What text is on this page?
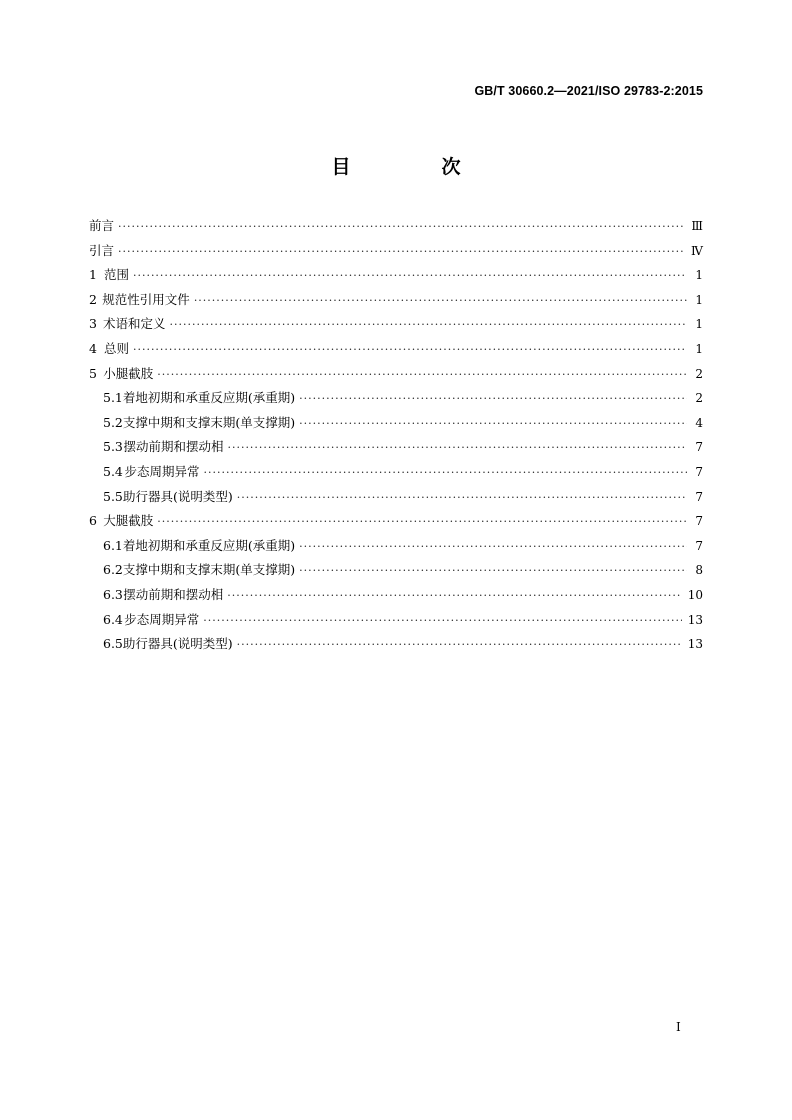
GB/T 30660.2—2021/ISO 29783-2:2015
目　次
前言 ·····	Ⅲ
引言 ·····	Ⅳ
1 范围 ·····	1
2 规范性引用文件 ·····	1
3 术语和定义 ·····	1
4 总则 ·····	1
5 小腿截肢 ·····	2
5.1 着地初期和承重反应期(承重期) ·····	2
5.2 支撑中期和支撑末期(单支撑期) ·····	4
5.3 摆动前期和摆动相 ·····	7
5.4 步态周期异常 ·····	7
5.5 助行器具(说明类型) ·····	7
6 大腿截肢 ·····	7
6.1 着地初期和承重反应期(承重期) ·····	7
6.2 支撑中期和支撑末期(单支撑期) ·····	8
6.3 摆动前期和摆动相 ·····	10
6.4 步态周期异常 ·····	13
6.5 助行器具(说明类型) ·····	13
I
